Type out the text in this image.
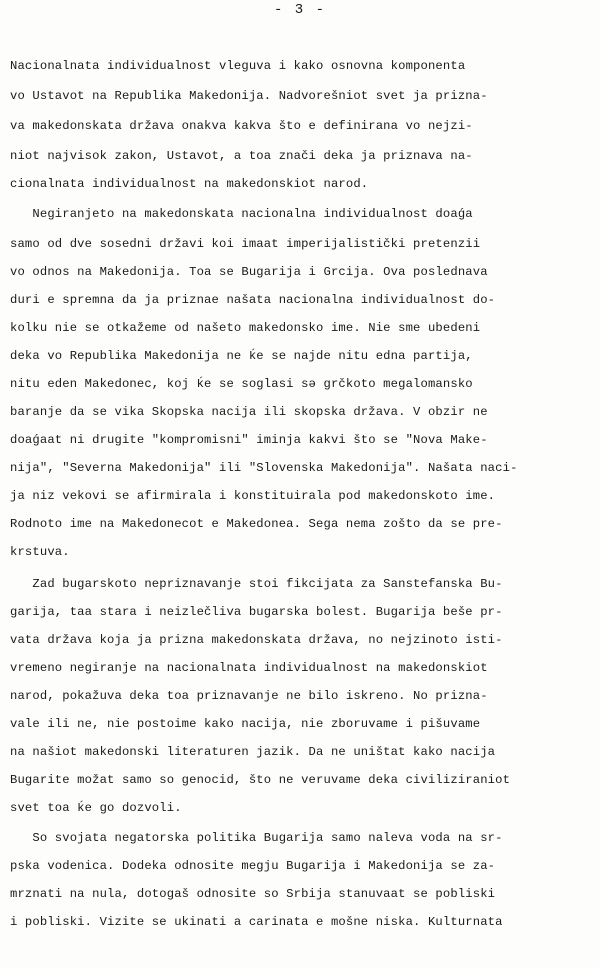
- 3 -
Nacionalnata individualnost vleguva i kako osnovna komponenta
vo Ustavot na Republika Makedonija. Nadvorešniot svet ja prizna-
va makedonskata država onakva kakva što e definirana vo nejzi-
niot najvisok zakon, Ustavot, a toa znači deka ja priznava na-
cionalnata individualnost na makedonskiot narod.
Negiranjeto na makedonskata nacionalna individualnost doaǵa
samo od dve sosedni državi koi imaat imperijalistički pretenzii
vo odnos na Makedonija. Toa se Bugarija i Grcija. Ova poslednava
duri e spremna da ja priznae našata nacionalna individualnost do-
kolku nie se otkažeme od našeto makedonsko ime. Nie sme ubedeni
deka vo Republika Makedonija ne ḱe se najde nitu edna partija,
nitu eden Makedonec, koj ḱe se soglasi sǝ grčkoto megalomansko
baranje da se vika Skopska nacija ili skopska država. V obzir ne
doaǵaat ni drugite "kompromisni" iminja kakvi što se "Nova Make-
nija", "Severna Makedonija" ili "Slovenska Makedonija". Našata naci-
ja niz vekovi se afirmirala i konstituirala pod makedonskoto ime.
Rodnoto ime na Makedonecot e Makedonea. Sega nema zošto da se pre-
krstuva.
Zad bugarskoto nepriznavanje stoi fikcijata za Sanstefanska Bu-
garija, taa stara i neizlečliva bugarska bolest. Bugarija beše pr-
vata država koja ja prizna makedonskata država, no nejzinoto isti-
vremeno negiranje na nacionalnata individualnost na makedonskiot
narod, pokažuva deka toa priznavanje ne bilo iskreno. No prizna-
vale ili ne, nie postoime kako nacija, nie zboruvame i pišuvame
na našiot makedonski literaturen jazik. Da ne uništat kako nacija
Bugarite možat samo so genocid, što ne veruvame deka civiliziraniot
svet toa ḱe go dozvoli.
So svojata negatorska politika Bugarija samo naleva voda na sr-
pska vodenica. Dodeka odnosite megju Bugarija i Makedonija se za-
mrznati na nula, dotogaš odnosite so Srbija stanuvaat se pobliski
i pobliski. Vizite se ukinati a carinata e mošne niska. Kulturnata
